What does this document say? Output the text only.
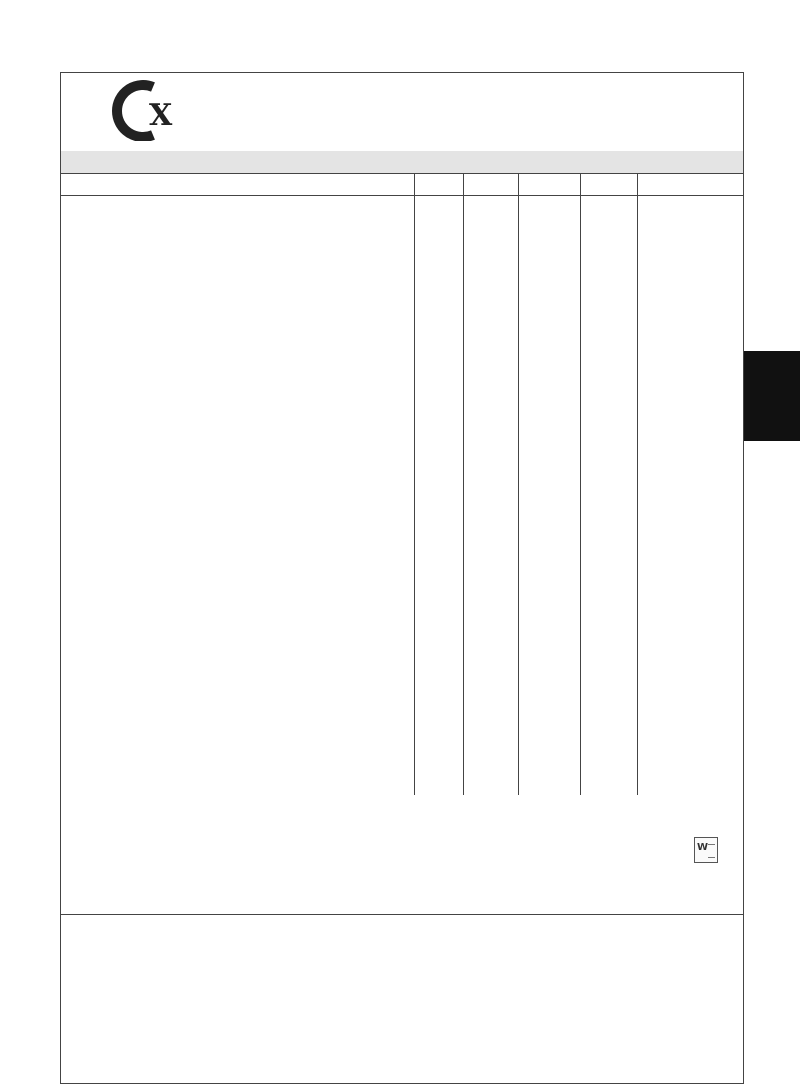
X
W
